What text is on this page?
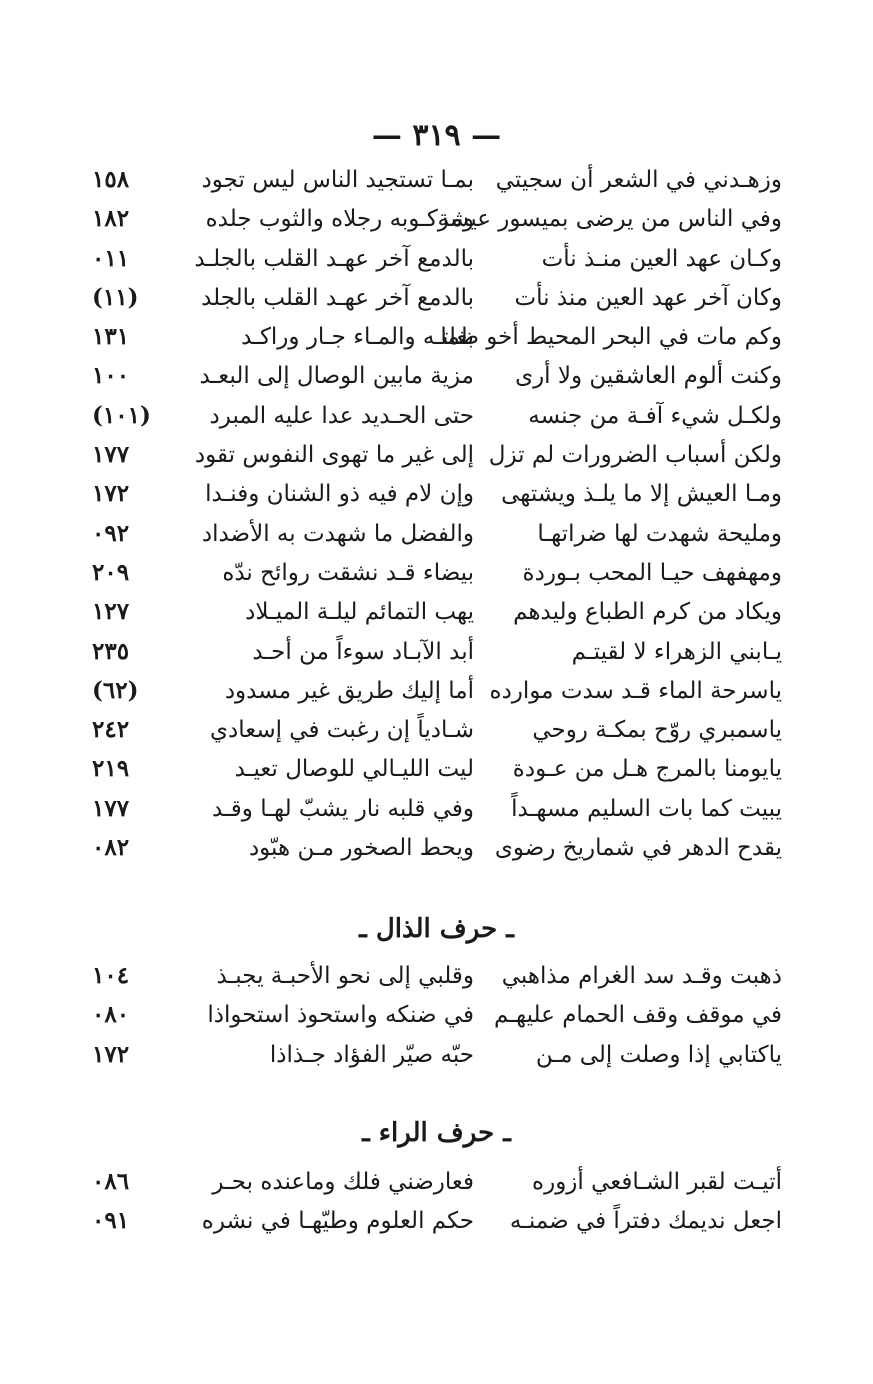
— ٣١٩ —
وزهـدني في الشعر أن سجيتي
بمـا تستجيد الناس ليس تجود
١٥٨
وفي الناس من يرضى بميسور عيشة
ومركـوبه رجلاه والثوب جلده
١٨٢
وكـان عهد العين منـذ نأت
بالدمع آخر عهـد القلب بالجلـد
٠١١
وكان آخر عهد العين منذ نأت
بالدمع آخر عهـد القلب بالجلد
(١١)
وكم مات في البحر المحيط أخو ظما
بغلتـه والمـاء جـار وراكـد
١٣١
وكنت ألوم العاشقين ولا أرى
مزية مابين الوصال إلى البعـد
١٠٠
ولكـل شيء آفـة من جنسه
حتى الحـديد عدا عليه المبرد
(١٠١)
ولكن أسباب الضرورات لم تزل
إلى غير ما تهوى النفوس تقود
١٧٧
ومـا العيش إلا ما يلـذ ويشتهى
وإن لام فيه ذو الشنان وفنـدا
١٧٢
ومليحة شهدت لها ضراتهـا
والفضل ما شهدت به الأضداد
٠٩٢
ومهفهف حيـا المحب بـوردة
بيضاء قـد نشقت روائح ندّه
٢٠٩
ويكاد من كرم الطباع وليدهم
يهب التمائم ليلـة الميـلاد
١٢٧
يـابني الزهراء لا لقيتـم
أبد الآبـاد سوءاً من أحـد
٢٣٥
ياسرحة الماء قـد سدت موارده
أما إليك طريق غير مسدود
(٦٢)
ياسمبري روّح بمكـة روحي
شـادياً إن رغبت في إسعادي
٢٤٢
يايومنا بالمرج هـل من عـودة
ليت الليـالي للوصال تعيـد
٢١٩
يبيت كما بات السليم مسهـداً
وفي قلبه نار يشبّ لهـا وقـد
١٧٧
يقدح الدهر في شماريخ رضوى
ويحط الصخور مـن هبّود
٠٨٢
ـ حرف الذال ـ
ذهبت وقـد سد الغرام مذاهبي
وقلبي إلى نحو الأحبـة يجبـذ
١٠٤
في موقف وقف الحمام عليهـم
في ضنكه واستحوذ استحواذا
٠٨٠
ياكتابي إذا وصلت إلى مـن
حبّه صيّر الفؤاد جـذاذا
١٧٢
ـ حرف الراء ـ
أتيـت لقبر الشـافعي أزوره
فعارضني فلك وماعنده بحـر
٠٨٦
اجعل نديمك دفتراً في ضمنـه
حكم العلوم وطيّهـا في نشره
٠٩١
